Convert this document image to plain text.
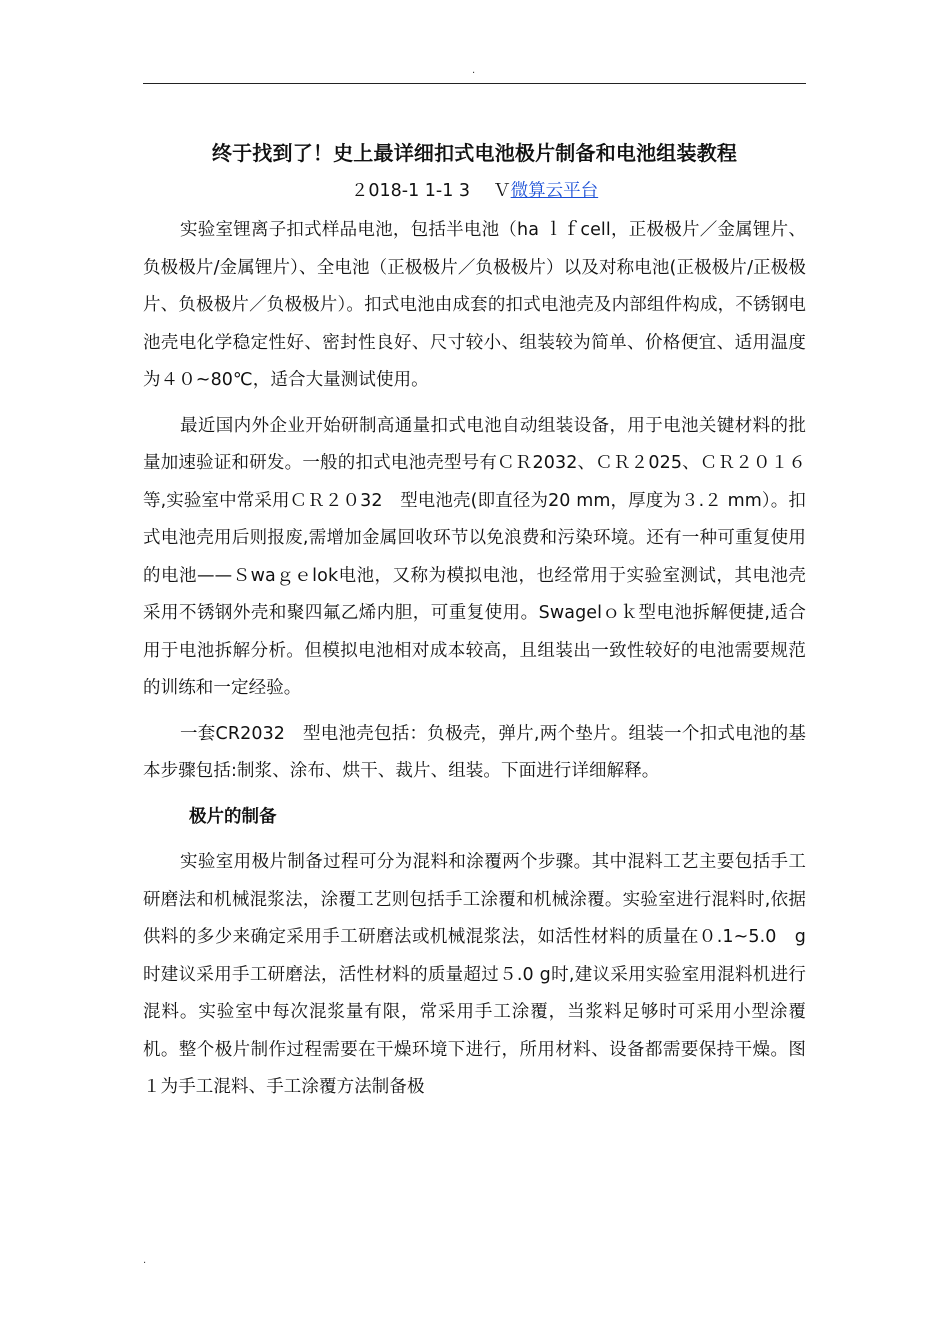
.
终于找到了！史上最详细扣式电池极片制备和电池组装教程

２018-1 1-1 3 　 Ｖ微算云平台

实验室锂离子扣式样品电池，包括半电池（ha ｌｆcell，正极极片／金属锂片、负极极片/金属锂片）、全电池（正极极片／负极极片）以及对称电池(正极极片/正极极片、负极极片／负极极片）。扣式电池由成套的扣式电池壳及内部组件构成，不锈钢电池壳电化学稳定性好、密封性良好、尺寸较小、组装较为简单、价格便宜、适用温度为４０~80℃，适合大量测试使用。

最近国内外企业开始研制高通量扣式电池自动组装设备，用于电池关键材料的批量加速验证和研发。一般的扣式电池壳型号有ＣＲ2032、ＣＲ２025、ＣＲ２０１６等,实验室中常采用ＣＲ２０32　型电池壳(即直径为20 mm，厚度为３.２ mm）。扣式电池壳用后则报废,需增加金属回收环节以免浪费和污染环境。还有一种可重复使用的电池——Ｓwaｇｅlok电池，又称为模拟电池，也经常用于实验室测试，其电池壳采用不锈钢外壳和聚四氟乙烯内胆，可重复使用。Swagelｏｋ型电池拆解便捷,适合用于电池拆解分析。但模拟电池相对成本较高，且组装出一致性较好的电池需要规范的训练和一定经验。

一套CR2032　型电池壳包括：负极壳，弹片,两个垫片。组装一个扣式电池的基本步骤包括:制浆、涂布、烘干、裁片、组装。下面进行详细解释。

极片的制备

实验室用极片制备过程可分为混料和涂覆两个步骤。其中混料工艺主要包括手工研磨法和机械混浆法，涂覆工艺则包括手工涂覆和机械涂覆。实验室进行混料时,依据供料的多少来确定采用手工研磨法或机械混浆法，如活性材料的质量在０.1~5.0　g时建议采用手工研磨法，活性材料的质量超过５.0 g时,建议采用实验室用混料机进行混料。实验室中每次混浆量有限，常采用手工涂覆，当浆料足够时可采用小型涂覆机。整个极片制作过程需要在干燥环境下进行，所用材料、设备都需要保持干燥。图１为手工混料、手工涂覆方法制备极

.
